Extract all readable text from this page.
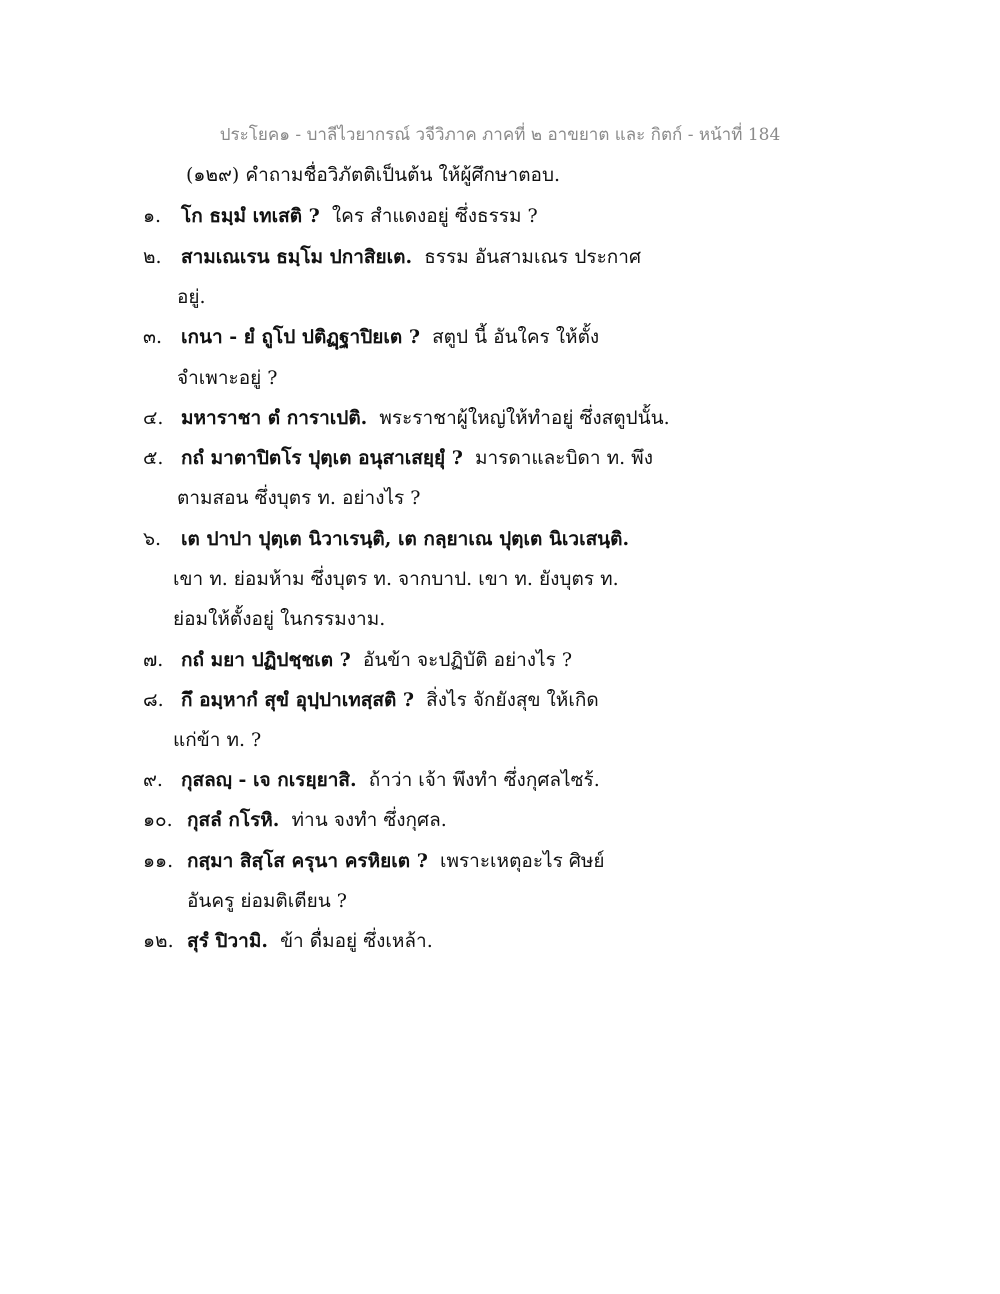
ประโยค๑ - บาลีไวยากรณ์ วจีวิภาค ภาคที่ ๒ อาขยาต และ กิตก์ - หน้าที่ 184
(๑๒๙) คำถามชื่อวิภัตติเป็นต้น ให้ผู้ศึกษาตอบ.
๑. โก ธมฺมํ เทเสติ ? ใคร สำแดงอยู่ ซึ่งธรรม ?
๒. สามเณเรน ธมฺโม ปกาสิยเต. ธรรม อันสามเณร ประกาศ
อยู่.
๓. เกนา - ยํ ถูโป ปติฏฺฐาปิยเต ? สตูป นี้ อันใคร ให้ตั้ง
จำเพาะอยู่ ?
๔. มหาราชา ตํ การาเปติ. พระราชาผู้ใหญ่ให้ทำอยู่ ซึ่งสตูปนั้น.
๕. กถํ มาตาปิตโร ปุตฺเต อนุสาเสยฺยุํ ? มารดาและบิดา ท. พึง
ตามสอน ซึ่งบุตร ท. อย่างไร ?
๖. เต ปาปา ปุตฺเต นิวาเรนฺติ, เต กลฺยาเณ ปุตฺเต นิเวเสนฺติ.
เขา ท. ย่อมห้าม ซึ่งบุตร ท. จากบาป. เขา ท. ยังบุตร ท.
ย่อมให้ตั้งอยู่ ในกรรมงาม.
๗. กถํ มยา ปฏิปชฺชเต ? อันข้า จะปฏิบัติ อย่างไร ?
๘. กึ อมฺหากํ สุขํ อุปฺปาเทสฺสติ ? สิ่งไร จักยังสุข ให้เกิด
แก่ข้า ท. ?
๙. กุสลญฺ - เจ กเรยฺยาสิ. ถ้าว่า เจ้า พึงทำ ซึ่งกุศลไซร้.
๑๐. กุสลํ กโรหิ. ท่าน จงทำ ซึ่งกุศล.
๑๑. กสฺมา สิสฺโส ครุนา ครหิยเต ? เพราะเหตุอะไร ศิษย์
อันครู ย่อมติเตียน ?
๑๒. สุรํ ปิวามิ. ข้า ดื่มอยู่ ซึ่งเหล้า.
